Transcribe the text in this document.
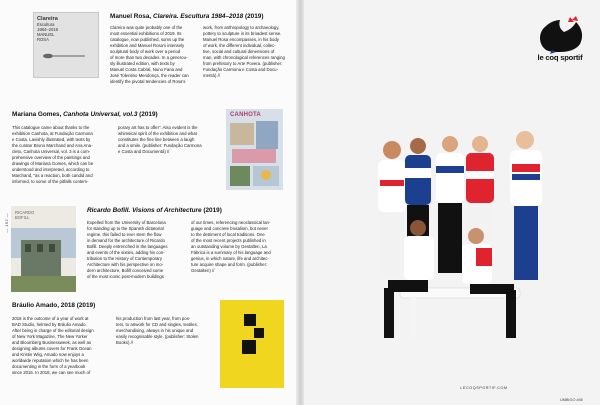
— 192 —
Clareira
Escultura
1984–2018
MANUEL
ROSA
Manuel Rosa, Clareira. Escultura 1984–2018 (2019)
Clareira was quite probably one of the
most essential exhibitions of 2019. Its
catalogue, now published, sums up the
exhibition and Manuel Rosa's intensely
sculptural body of work over a period
of more than two decades. In a generou-
sly illustrated edition, with texts by
Manuel Costa Cabral, Nuno Faria and
José Tolentino Mendonça, the reader can
identify the pivotal tendencies of Rosa's
work, from anthropology to archaeology,
pottery to sculpture in its broadest sense.
Manuel Rosa encompasses, in his body
of work, the different individual, collec-
tive, social and cultural dimensions of
man, with chronological references ranging
from prehistory to Arte Povera. (publisher:
Fundação Carmona e Costa and Docu-
mentá) //
Mariana Gomes, Canhota Universal, vol.3 (2019)
This catalogue came about thanks to the
exhibition Canhota, at Fundação Carmona
e Costa. Lavishly illustrated, with texts by
the curator Bruno Marchand and Ana Ana-
cleto, Canhota Universal, vol. 3 is a com-
prehensive overview of the paintings and
drawings of Mariana Gomes, which can be
understood and interpreted, according to
Marchand, "as a reaction, both candid and
informed, to some of the pitfalls contem-
porary art has to offer". Also evident is the
whimsical spirit of the exhibition and what
constitutes the fine line between a laugh
and a smile. (publisher: Fundação Carmona
e Costa and Documentá) //
CANHOTA
RICARDO
BOFILL
Ricardo Bofill. Visions of Architecture (2019)
Expelled from the University of Barcelona
for standing up to the Spanish dictatorial
regime, this failed to ever stem the flow
in demand for the architecture of Ricardo
Bofill. Deeply entrenched in the languages
and events of the sixties, adding his con-
tribution to the History of Contemporary
Architecture with his perspective on mo-
dern architecture, Bofill conceived some
of the most iconic post-modern buildings
of our times, referencing neoclassical lan-
guage and concrete brutalism, but never
to the detriment of local traditions. One
of the most recent projects published in
an outstanding volume by Gestalten, La
Fábrica is a summary of his language and
genius, in which nature, life and architec-
ture acquire shape and form. (publisher:
Gestalten) //
Bráulio Amado, 2018 (2019)
2018 is the outcome of a year of work at
BAD Studio, helmed by Bráulio Amado.
After being in charge of the editorial design
of New York Magazine, The New Yorker
and Bloomberg Businessweek, as well as
designing albums covers for Frank Ocean
and Kristin Wiig, Amado now enjoys a
worldwide reputation which he has been
documenting in the form of a yearbook
since 2016. In 2018, we can see much of
his production from last year, from pos-
ters, to artwork for CD and singles, textiles,
merchandising, always in his unique and
easily recognisable style. (publisher: Stolen
Books) //
le coq sportif
LECOQSPORTIF.COM
UMBIGO #45
